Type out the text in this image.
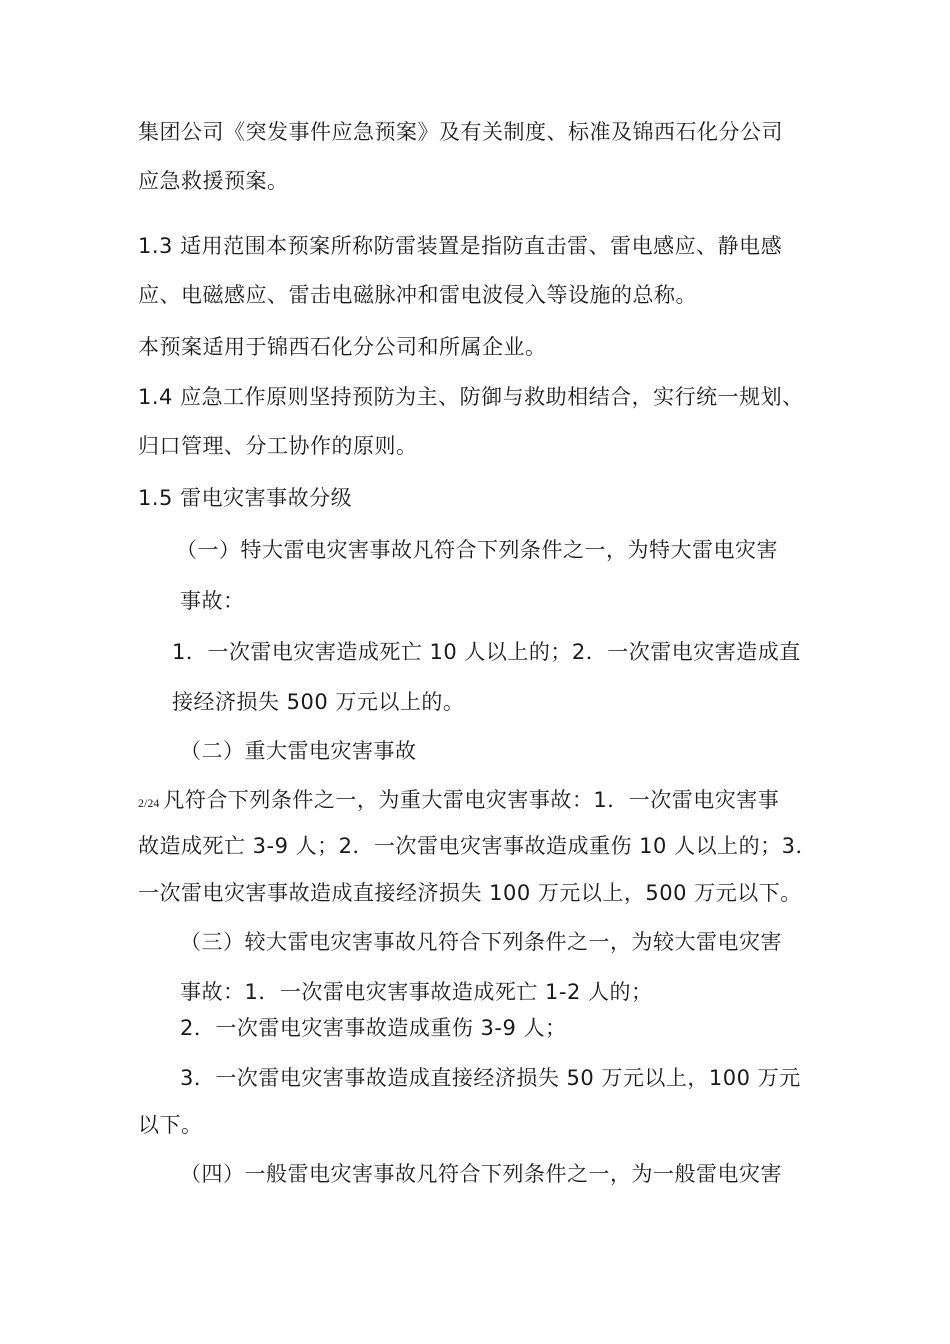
集团公司《突发事件应急预案》及有关制度、标准及锦西石化分公司
应急救援预案。
1.3 适用范围本预案所称防雷装置是指防直击雷、雷电感应、静电感
应、电磁感应、雷击电磁脉冲和雷电波侵入等设施的总称。
本预案适用于锦西石化分公司和所属企业。
1.4 应急工作原则坚持预防为主、防御与救助相结合，实行统一规划、
归口管理、分工协作的原则。
1.5 雷电灾害事故分级
（一）特大雷电灾害事故凡符合下列条件之一，为特大雷电灾害
事故：
1．一次雷电灾害造成死亡 10 人以上的；2．一次雷电灾害造成直
接经济损失 500 万元以上的。
（二）重大雷电灾害事故
2/24 凡符合下列条件之一，为重大雷电灾害事故：1．一次雷电灾害事
故造成死亡 3-9 人；2．一次雷电灾害事故造成重伤 10 人以上的；3．
一次雷电灾害事故造成直接经济损失 100 万元以上，500 万元以下。
（三）较大雷电灾害事故凡符合下列条件之一，为较大雷电灾害
事故：1．一次雷电灾害事故造成死亡 1-2 人的；
2．一次雷电灾害事故造成重伤 3-9 人；
3．一次雷电灾害事故造成直接经济损失 50 万元以上，100 万元
以下。
（四）一般雷电灾害事故凡符合下列条件之一，为一般雷电灾害
